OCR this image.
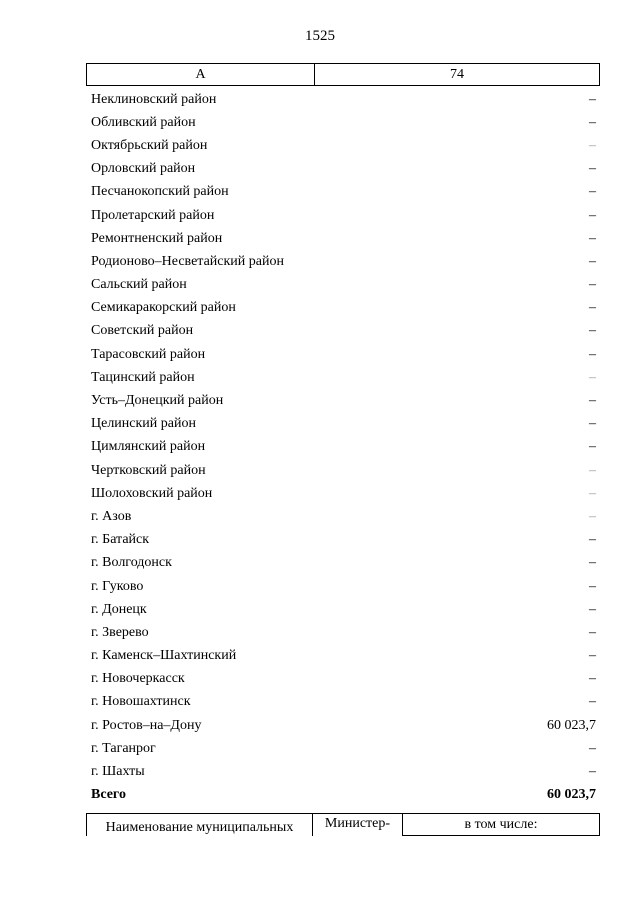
1525
А	74
Неклиновский район	–
Обливский район	–
Октябрьский район	–
Орловский район	–
Песчанокопский район	–
Пролетарский район	–
Ремонтненский район	–
Родионово–Несветайский район	–
Сальский район	–
Семикаракорский район	–
Советский район	–
Тарасовский район	–
Тацинский район	–
Усть–Донецкий район	–
Целинский район	–
Цимлянский район	–
Чертковский район	–
Шолоховский район	–
г. Азов	–
г. Батайск	–
г. Волгодонск	–
г. Гуково	–
г. Донецк	–
г. Зверево	–
г. Каменск–Шахтинский	–
г. Новочеркасск	–
г. Новошахтинск	–
г. Ростов–на–Дону	60 023,7
г. Таганрог	–
г. Шахты	–
Всего	60 023,7
Наименование муниципальных	Министер-	в том числе:
